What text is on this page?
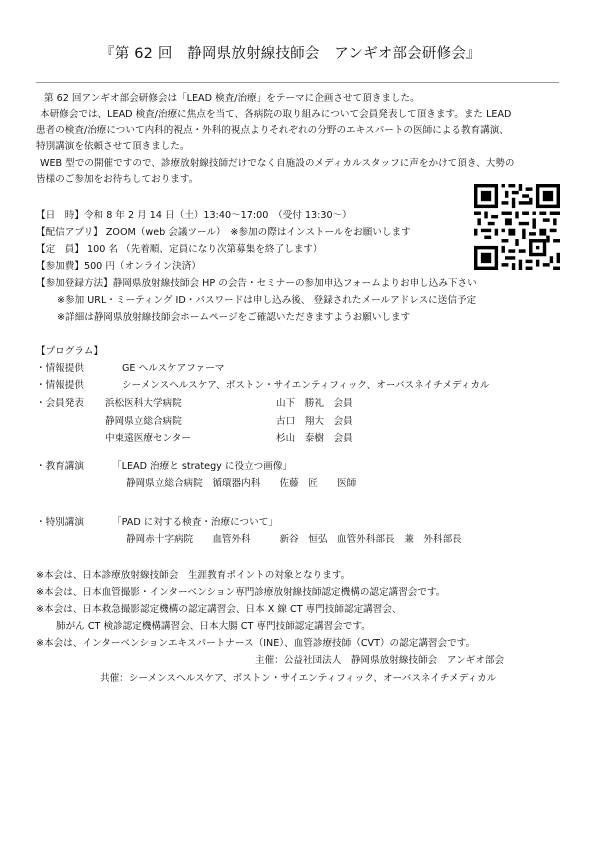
『第 62 回　静岡県放射線技師会　アンギオ部会研修会』
第 62 回アンギオ部会研修会は「LEAD 検査/治療」をテーマに企画させて頂きました。
本研修会では、LEAD 検査/治療に焦点を当て、各病院の取り組みについて会員発表して頂きます。また LEAD
患者の検査/治療について内科的視点・外科的視点よりそれぞれの分野のエキスパートの医師による教育講演、
特別講演を依頼させて頂きました。
WEB 型での開催ですので、診療放射線技師だけでなく自施設のメディカルスタッフに声をかけて頂き、大勢の
皆様のご参加をお待ちしております。
【日　時】令和 8 年 2 月 14 日（土）13:40～17:00　（受付 13:30～）
【配信アプリ】 ZOOM（web 会議ツール）　※参加の際はインストールをお願いします
【定　員】 100 名 （先着順、定員になり次第募集を終了します）
【参加費】500 円（オンライン決済）
【参加登録方法】静岡県放射線技師会 HP の会告・セミナーの参加申込フォームよりお申し込み下さい
※参加 URL・ミーティング ID・パスワードは申し込み後、 登録されたメールアドレスに送信予定
※詳細は静岡県放射線技師会ホームページをご確認いただきますようお願いします
【プログラム】
・情報提供	GE ヘルスケアファーマ
・情報提供	シーメンスヘルスケア、ボストン・サイエンティフィック、オーバスネイチメディカル
・会員発表 浜松医科大学病院	山下　勝礼　会員
静岡県立総合病院	古口　翔大　会員
中東遠医療センター	杉山　泰樹　会員
・教育講演	「LEAD 治療と strategy に役立つ画像」
静岡県立総合病院　循環器内科　　佐藤　匠　　医師
・特別講演	「PAD に対する検査・治療について」
静岡赤十字病院　　血管外科　　　新谷　恒弘　血管外科部長　兼　外科部長
※本会は、日本診療放射線技師会　生涯教育ポイントの対象となります。
※本会は、日本血管撮影・インターベンション専門診療放射線技師認定機構の認定講習会です。
※本会は、日本救急撮影認定機構の認定講習会、日本 X 線 CT 専門技師認定講習会、
肺がん CT 検診認定機構講習会、日本大腸 CT 専門技師認定講習会です。
※本会は、インターベンションエキスパートナース（INE）、血管診療技師（CVT）の認定講習会です。
主催：公益社団法人　静岡県放射線技師会　アンギオ部会
共催：シーメンスヘルスケア、ボストン・サイエンティフィック、オーバスネイチメディカル
